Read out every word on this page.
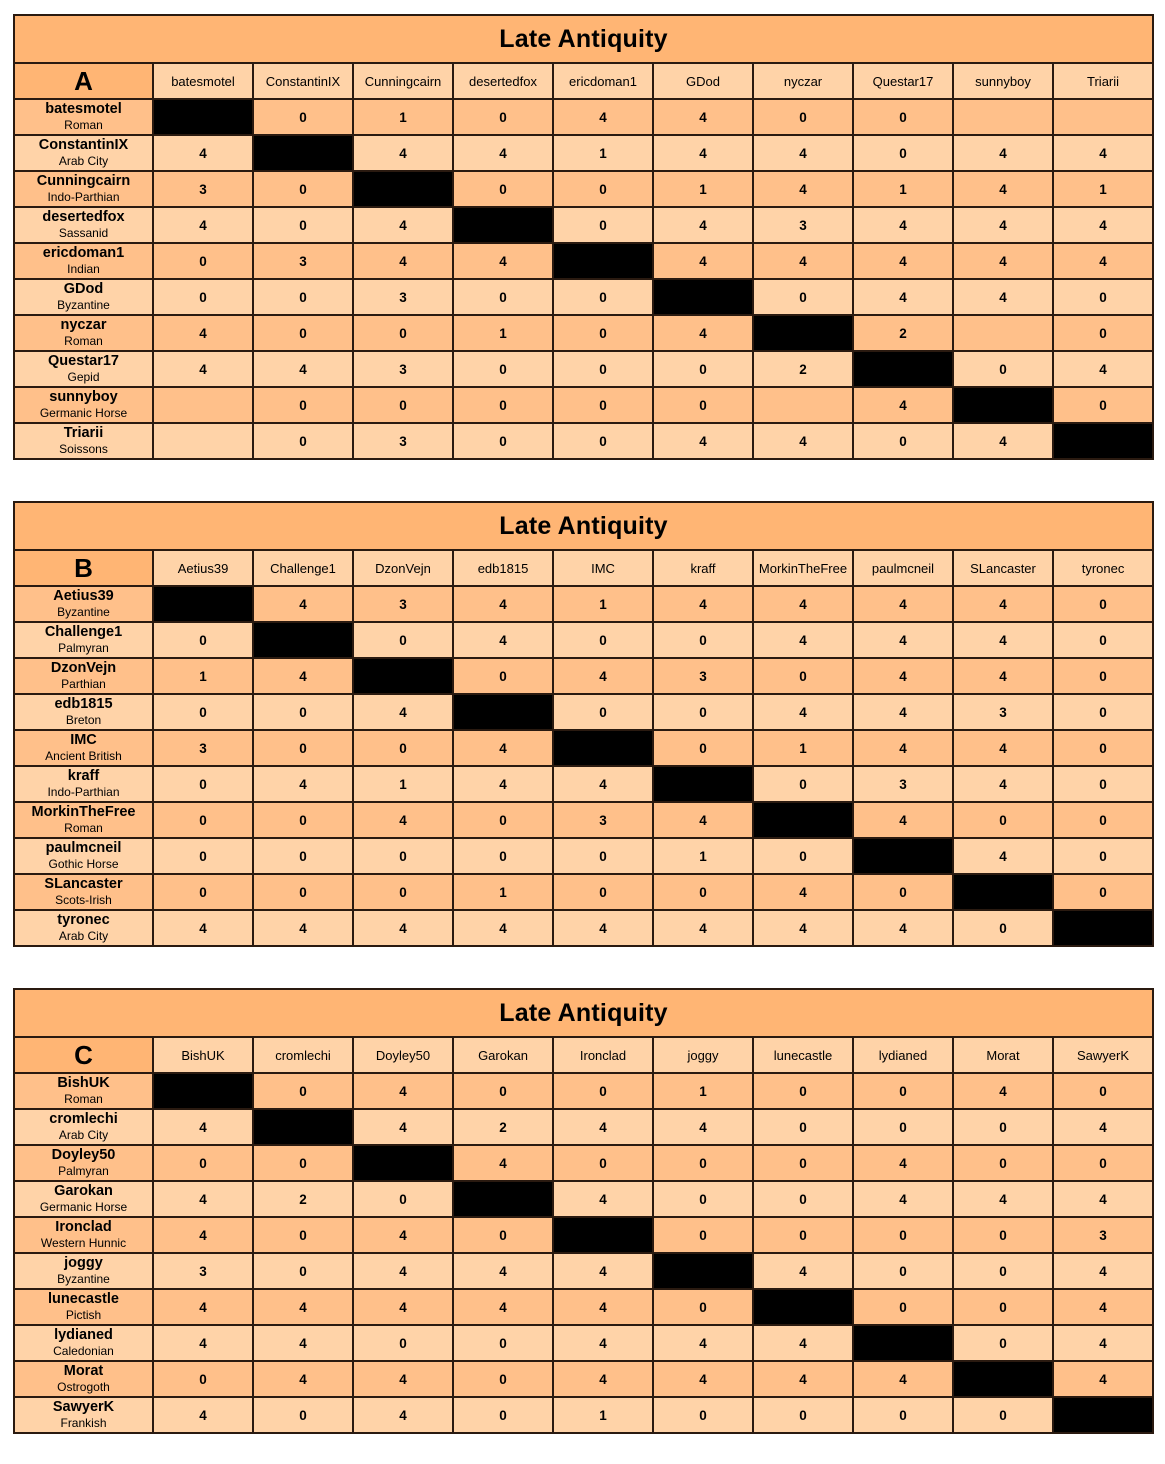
Late Antiquity										
A	batesmotel	ConstantinIX	Cunningcairn	desertedfox	ericdoman1	GDod	nyczar	Questar17	sunnyboy	Triarii

batesmotel
Roman		0	1	0	4	4	0	0		

ConstantinIX
Arab City	4		4	4	1	4	4	0	4	4

Cunningcairn
Indo-Parthian	3	0		0	0	1	4	1	4	1

desertedfox
Sassanid	4	0	4		0	4	3	4	4	4

ericdoman1
Indian	0	3	4	4		4	4	4	4	4

GDod
Byzantine	0	0	3	0	0		0	4	4	0

nyczar
Roman	4	0	0	1	0	4		2		0

Questar17
Gepid	4	4	3	0	0	0	2		0	4

sunnyboy
Germanic Horse		0	0	0	0	0		4		0

Triarii
Soissons		0	3	0	0	4	4	0	4	
Late Antiquity										
B	Aetius39	Challenge1	DzonVejn	edb1815	IMC	kraff	MorkinTheFree	paulmcneil	SLancaster	tyronec

Aetius39
Byzantine		4	3	4	1	4	4	4	4	0

Challenge1
Palmyran	0		0	4	0	0	4	4	4	0

DzonVejn
Parthian	1	4		0	4	3	0	4	4	0

edb1815
Breton	0	0	4		0	0	4	4	3	0

IMC
Ancient British	3	0	0	4		0	1	4	4	0

kraff
Indo-Parthian	0	4	1	4	4		0	3	4	0

MorkinTheFree
Roman	0	0	4	0	3	4		4	0	0

paulmcneil
Gothic Horse	0	0	0	0	0	1	0		4	0

SLancaster
Scots-Irish	0	0	0	1	0	0	4	0		0

tyronec
Arab City	4	4	4	4	4	4	4	4	0	
Late Antiquity										
C	BishUK	cromlechi	Doyley50	Garokan	Ironclad	joggy	lunecastle	lydianed	Morat	SawyerK

BishUK
Roman		0	4	0	0	1	0	0	4	0

cromlechi
Arab City	4		4	2	4	4	0	0	0	4

Doyley50
Palmyran	0	0		4	0	0	0	4	0	0

Garokan
Germanic Horse	4	2	0		4	0	0	4	4	4

Ironclad
Western Hunnic	4	0	4	0		0	0	0	0	3

joggy
Byzantine	3	0	4	4	4		4	0	0	4

lunecastle
Pictish	4	4	4	4	4	0		0	0	4

lydianed
Caledonian	4	4	0	0	4	4	4		0	4

Morat
Ostrogoth	0	4	4	0	4	4	4	4		4

SawyerK
Frankish	4	0	4	0	1	0	0	0	0	
